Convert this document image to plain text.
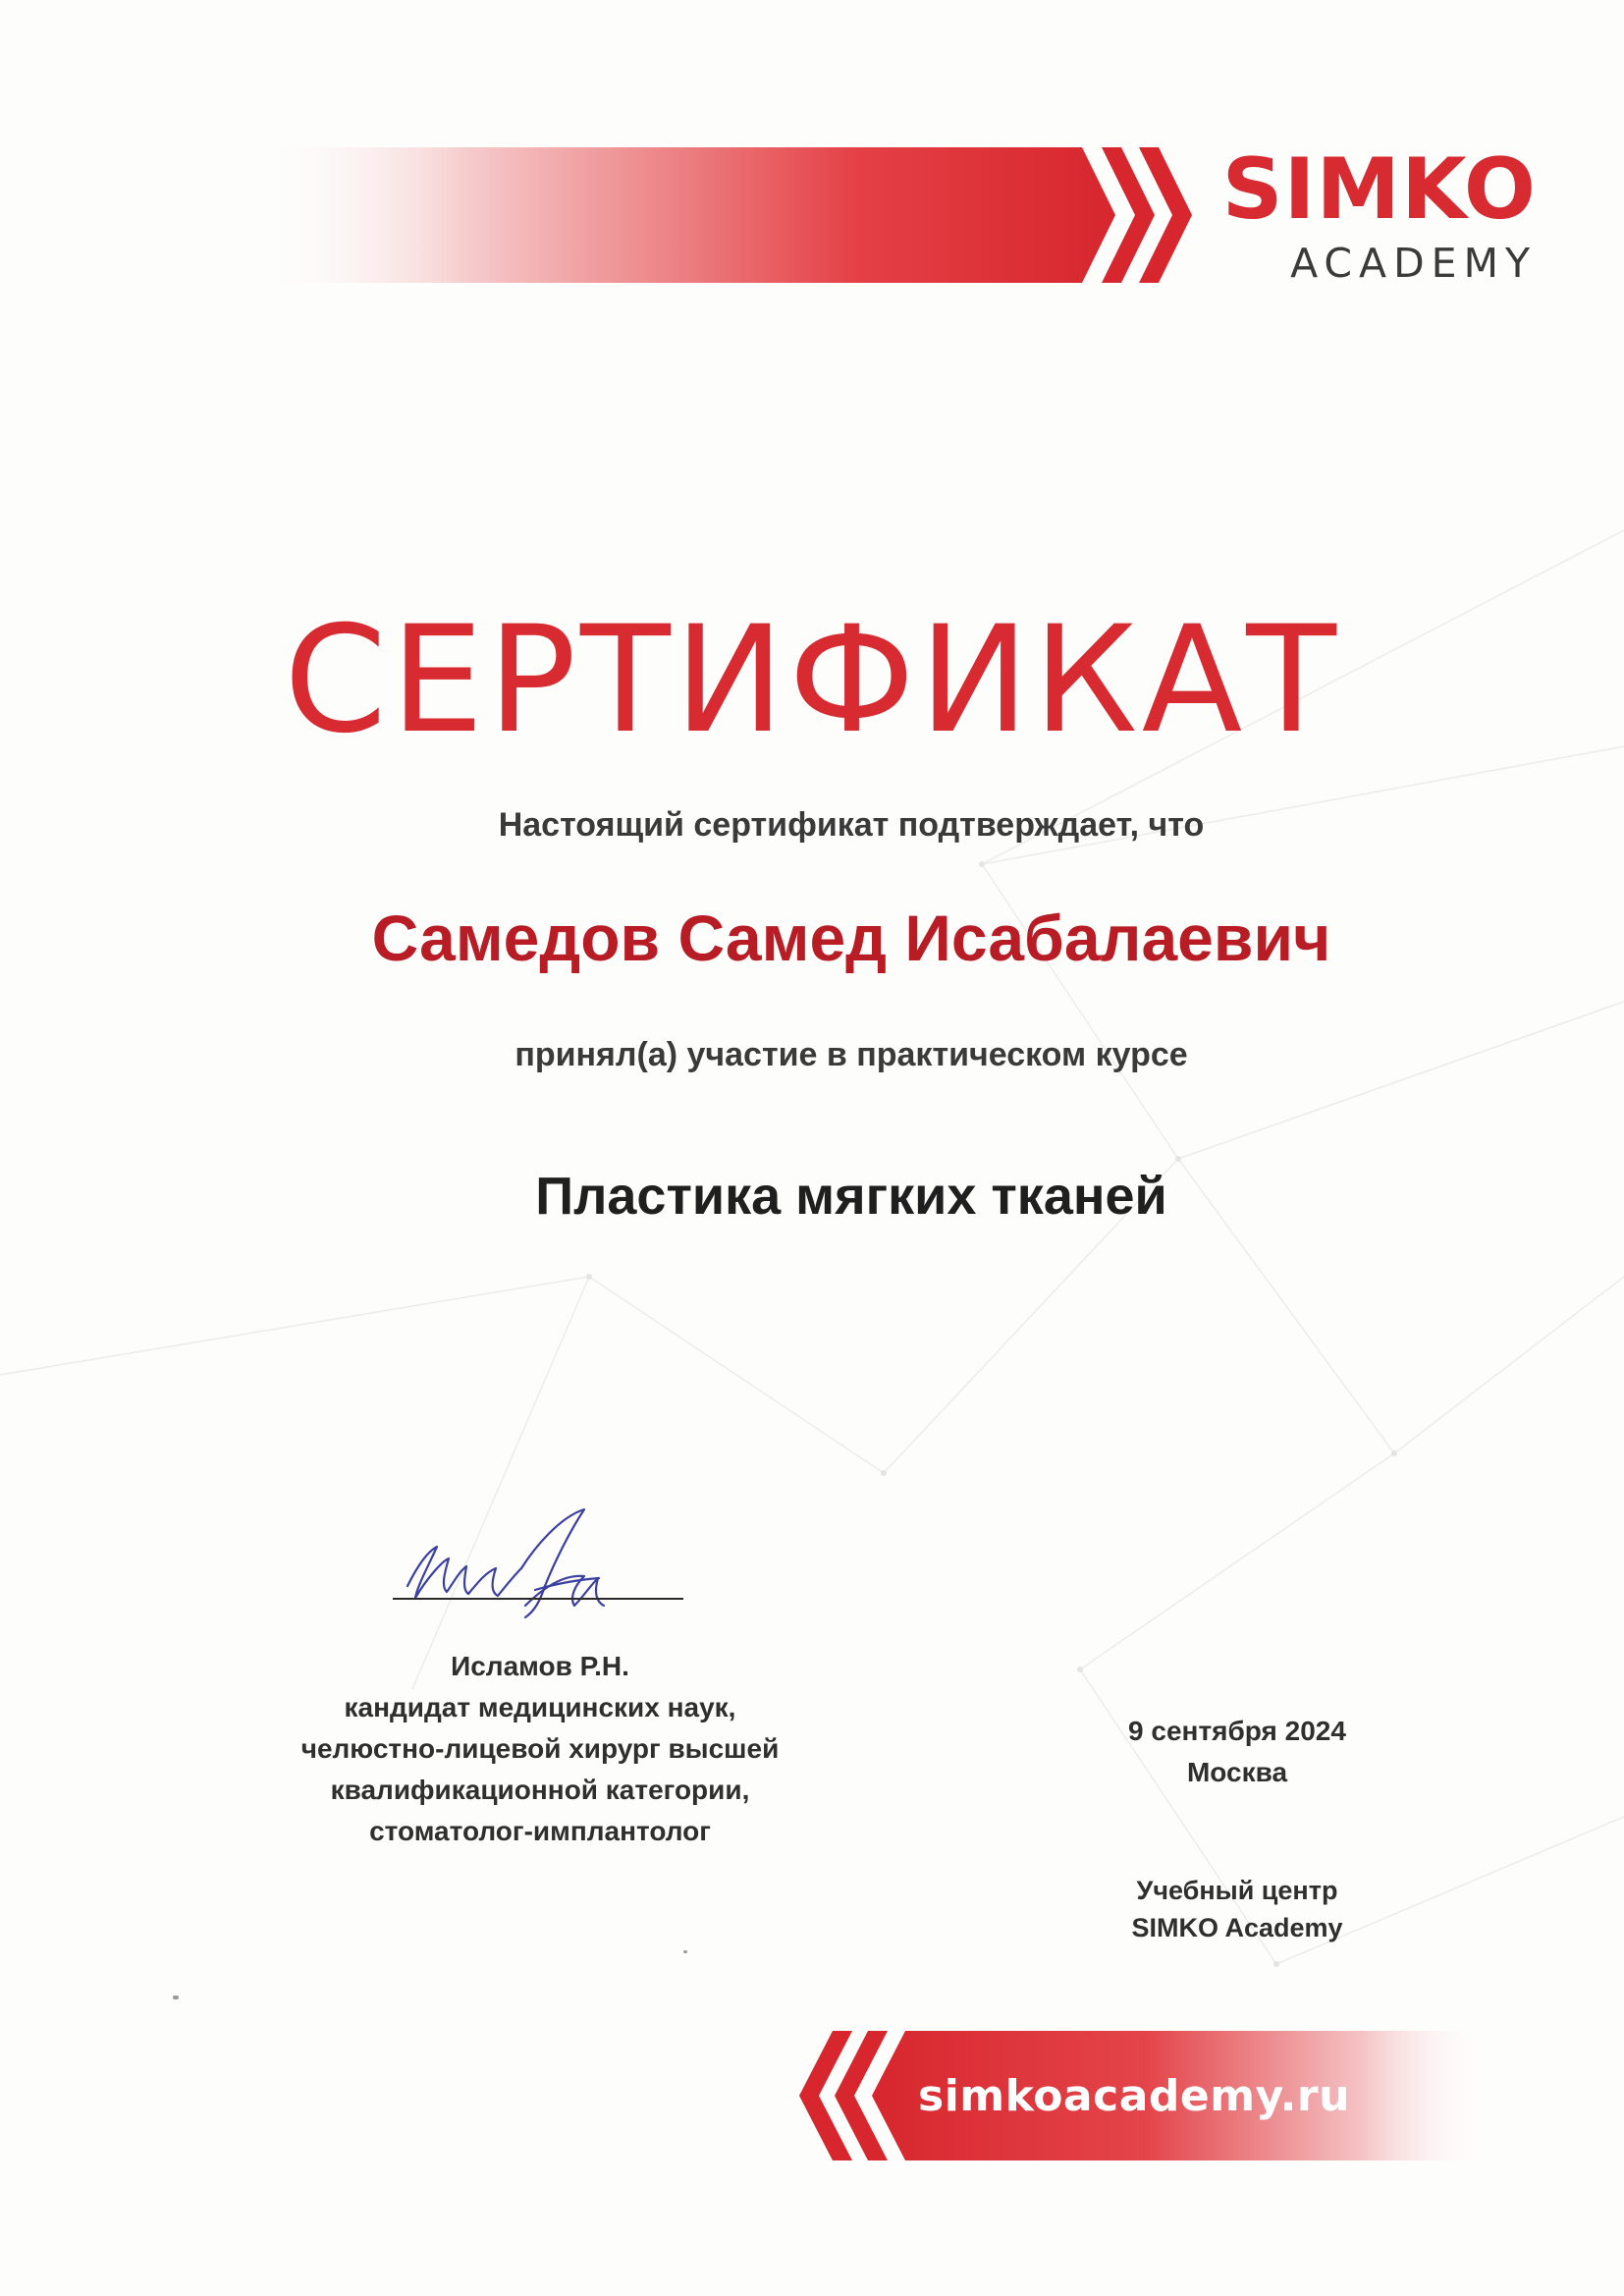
SIMKO
ACADEMY
СЕРТИФИКАТ
Настоящий сертификат подтверждает, что
Самедов Самед Исабалаевич
принял(а) участие в практическом курсе
Пластика мягких тканей
Исламов Р.Н.
кандидат медицинских наук,
челюстно-лицевой хирург высшей
квалификационной категории,
стоматолог-имплантолог
9 сентября 2024
Москва
Учебный центр
SIMKO Academy
simkoacademy.ru
